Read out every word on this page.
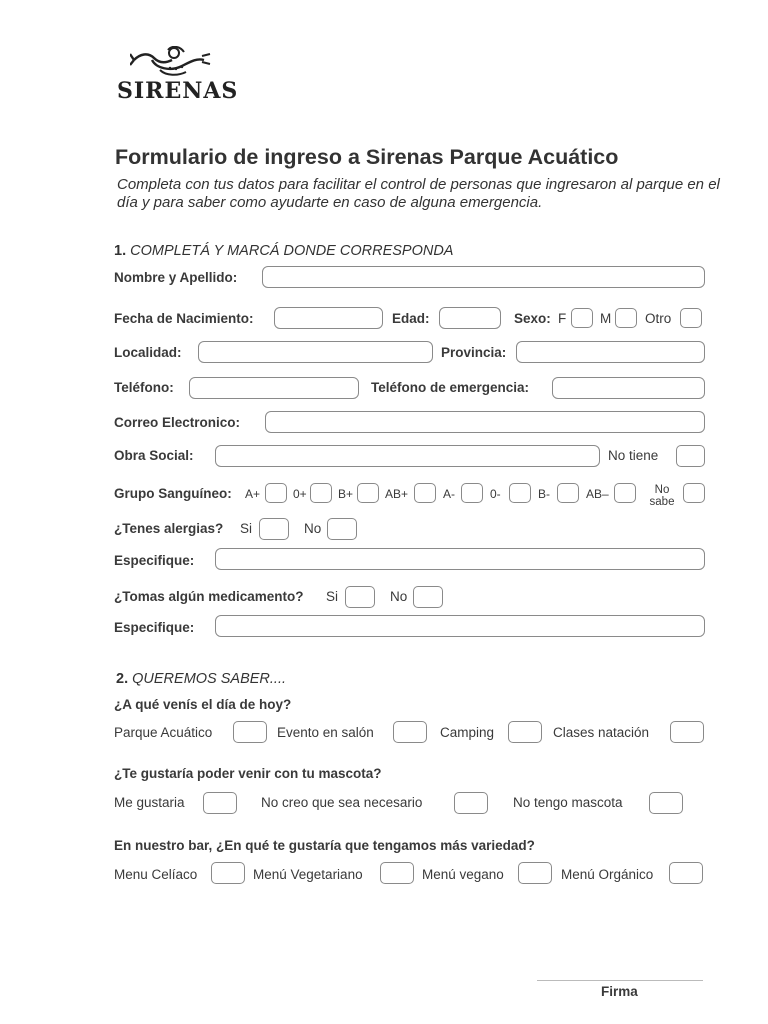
SIRENAS
Formulario de ingreso a Sirenas Parque Acuático
Completa con tus datos para facilitar el control de personas que ingresaron al parque en el día y para saber como ayudarte en caso de alguna emergencia.
1. COMPLETÁ Y MARCÁ DONDE CORRESPONDA
Nombre y Apellido:
Fecha de Nacimiento:	Edad:	Sexo: F	M	Otro
Localidad:	Provincia:
Teléfono:	Teléfono de emergencia:
Correo Electronico:
Obra Social:	No tiene
Grupo Sanguíneo: A+	0+	B+	AB+	A-	0-	B-	AB–	No
sabe
¿Tenes alergias? Si	No
Especifique:
¿Tomas algún medicamento? Si	No
Especifique:
2. QUEREMOS SABER....
¿A qué venís el día de hoy?
Parque Acuático	Evento en salón	Camping	Clases natación
¿Te gustaría poder venir con tu mascota?
Me gustaria	No creo que sea necesario	No tengo mascota
En nuestro bar, ¿En qué te gustaría que tengamos más variedad?
Menu Celíaco	Menú Vegetariano	Menú vegano	Menú Orgánico
Firma
